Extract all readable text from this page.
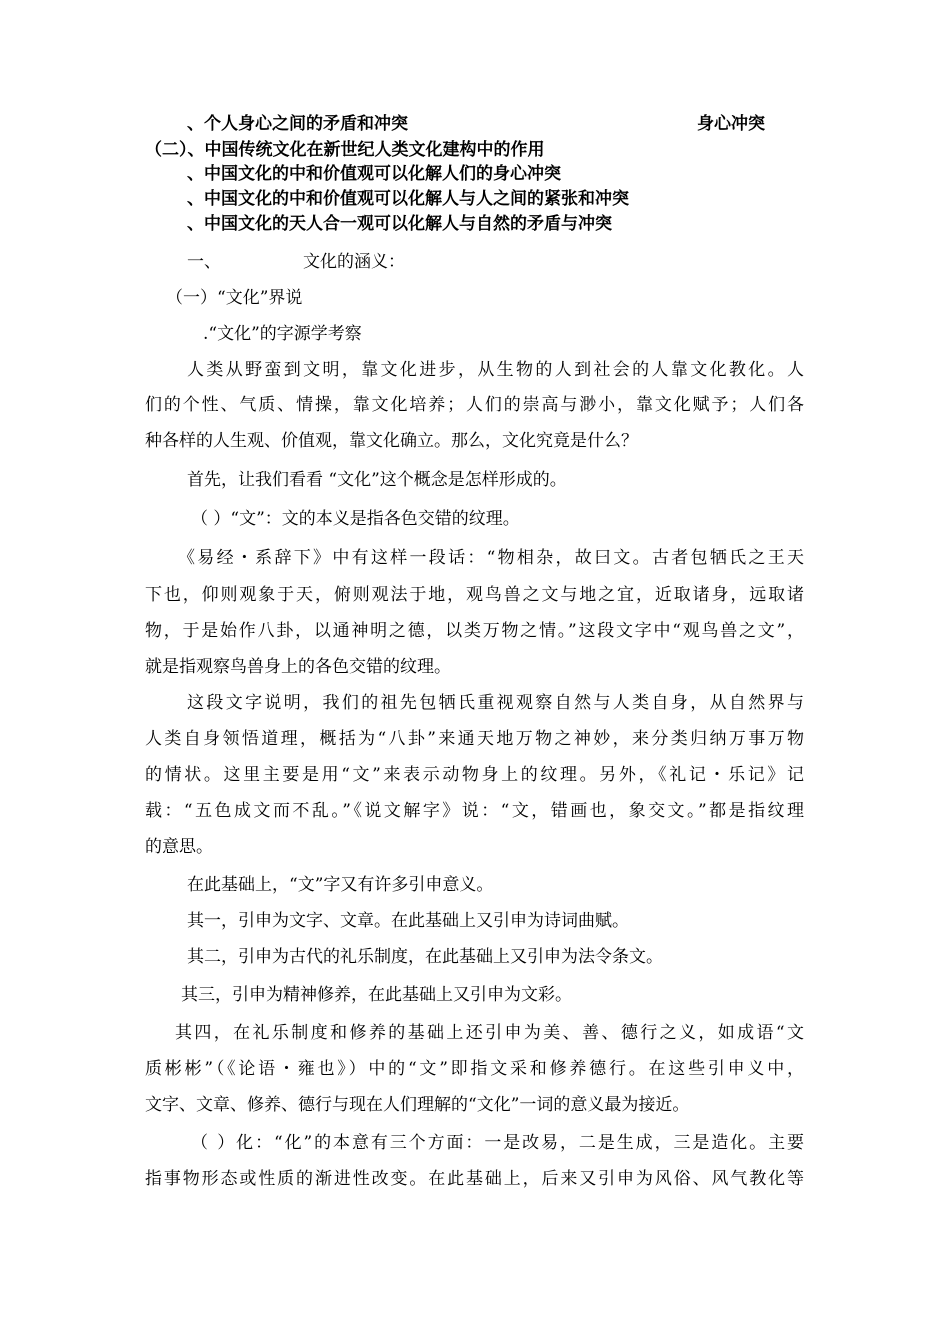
、个人身心之间的矛盾和冲突	身心冲突
（二）、中国传统文化在新世纪人类文化建构中的作用
、中国文化的中和价值观可以化解人们的身心冲突
、中国文化的中和价值观可以化解人与人之间的紧张和冲突
、中国文化的天人合一观可以化解人与自然的矛盾与冲突
一、	文化的涵义：
（一）“文化”界说
.“文化”的字源学考察
人类从野蛮到文明，靠文化进步，从生物的人到社会的人靠文化教化。人
们的个性、气质、情操，靠文化培养；人们的崇高与渺小，靠文化赋予；人们各
种各样的人生观、价值观，靠文化确立。那么，文化究竟是什么？
首先，让我们看看 “文化”这个概念是怎样形成的。
（ ）“文”：文的本义是指各色交错的纹理。
《易经・系辞下》中有这样一段话：“物相杂，故曰文。古者包牺氏之王天
下也，仰则观象于天，俯则观法于地，观鸟兽之文与地之宜，近取诸身，远取诸
物，于是始作八卦，以通神明之德，以类万物之情。”这段文字中“观鸟兽之文”，
就是指观察鸟兽身上的各色交错的纹理。
这段文字说明，我们的祖先包牺氏重视观察自然与人类自身，从自然界与
人类自身领悟道理，概括为“八卦”来通天地万物之神妙，来分类归纳万事万物
的情状。这里主要是用“文”来表示动物身上的纹理。另外，《礼记・乐记》记
载：“五色成文而不乱。”《说文解字》说：“文，错画也，象交文。”都是指纹理
的意思。
在此基础上，“文”字又有许多引申意义。
其一，引申为文字、文章。在此基础上又引申为诗词曲赋。
其二，引申为古代的礼乐制度，在此基础上又引申为法令条文。
其三，引申为精神修养，在此基础上又引申为文彩。
其四，在礼乐制度和修养的基础上还引申为美、善、德行之义，如成语“文
质彬彬”（《论语・雍也》）中的“文”即指文采和修养德行。在这些引申义中，
文字、文章、修养、德行与现在人们理解的“文化”一词的意义最为接近。
（ ）化：“化”的本意有三个方面：一是改易，二是生成，三是造化。主要
指事物形态或性质的渐进性改变。在此基础上，后来又引申为风俗、风气教化等
